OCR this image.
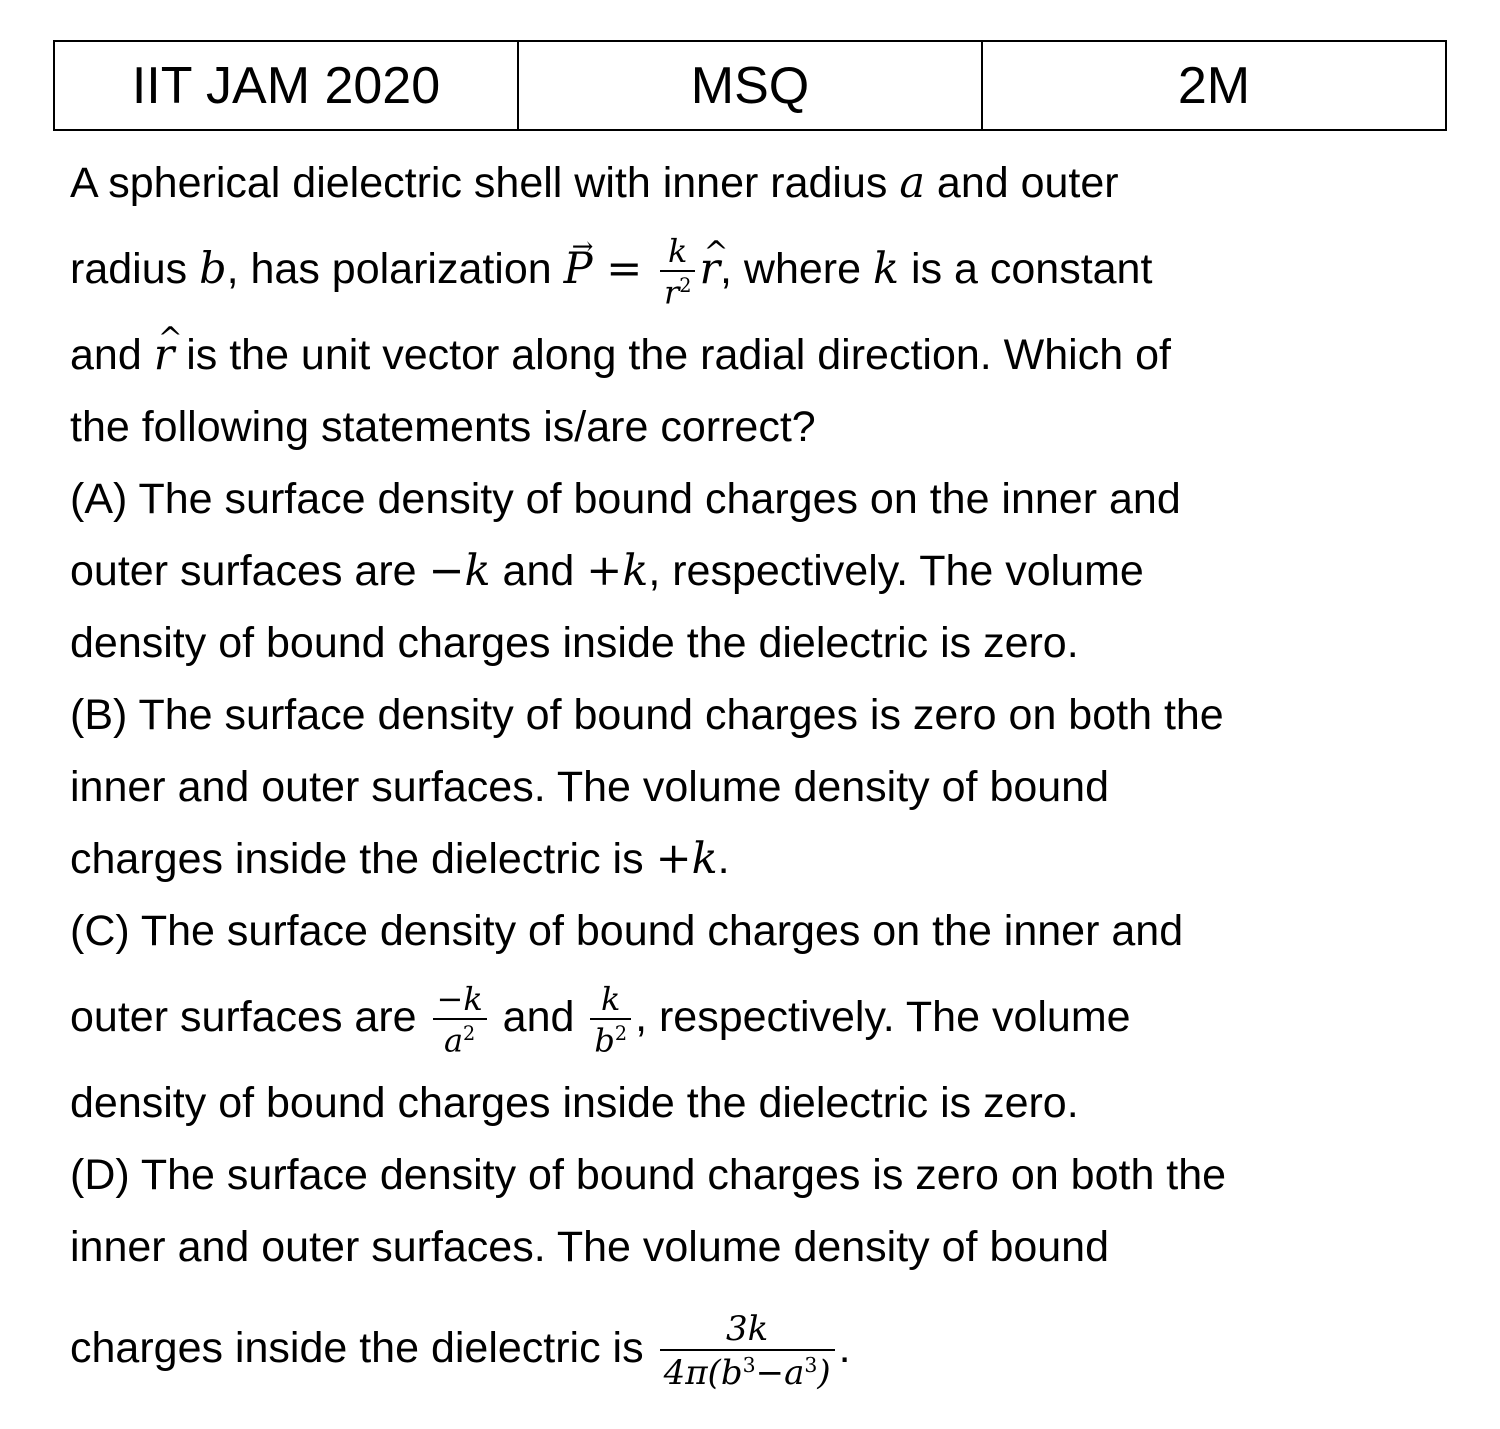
IIT JAM 2020	MSQ	2M
A spherical dielectric shell with inner radius a and outer
radius b, has polarization → $P = \frac{k}{r^2}$
^ r, where k is a constant
and ^ r is the unit vector along the radial direction. Which of
the following statements is/are correct?
(A) The surface density of bound charges on the inner and
outer surfaces are −k and +k, respectively. The volume
density of bound charges inside the dielectric is zero.
(B) The surface density of bound charges is zero on both the
inner and outer surfaces. The volume density of bound
charges inside the dielectric is +k.
(C) The surface density of bound charges on the inner and
outer surfaces are $\frac{-k}{a^2}$ and $\frac{k}{b^2}$ , respectively. The volume
density of bound charges inside the dielectric is zero.
(D) The surface density of bound charges is zero on both the
inner and outer surfaces. The volume density of bound
charges inside the dielectric is $\frac{3k}{4\pi(b^3-a^3)}$ .
